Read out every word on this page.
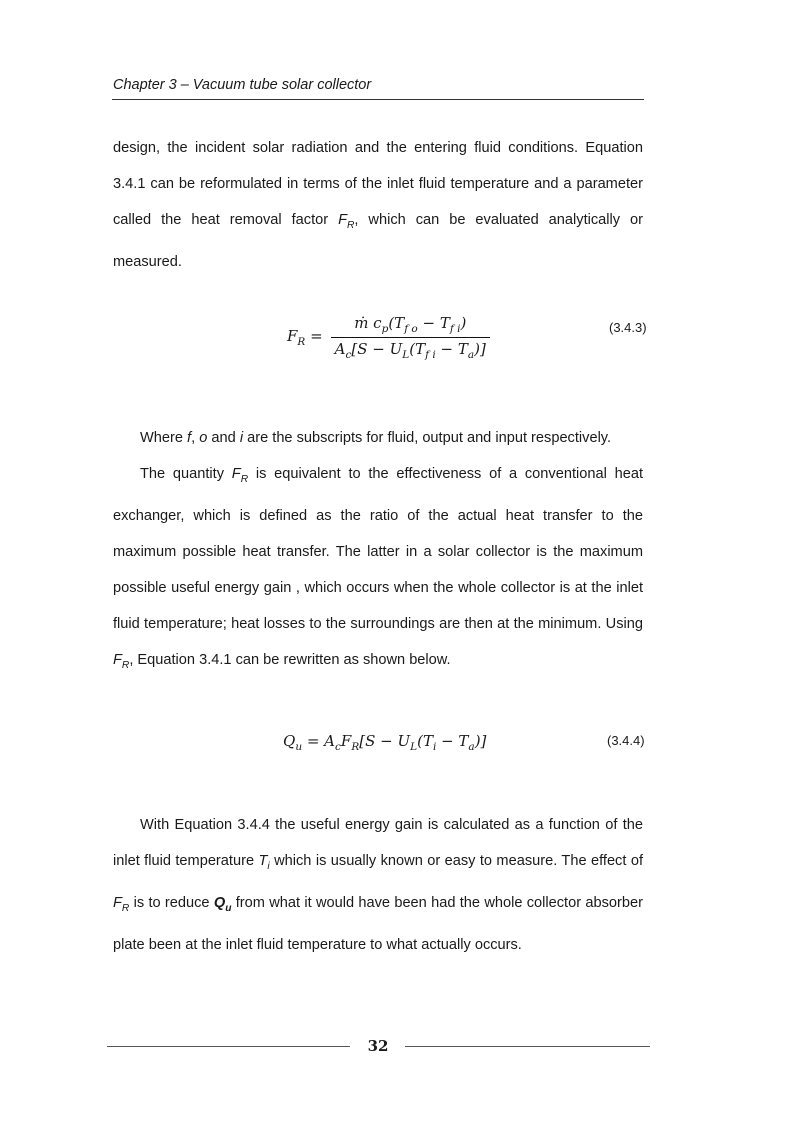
Chapter 3 – Vacuum tube solar collector
design, the incident solar radiation and the entering fluid conditions. Equation 3.4.1 can be reformulated in terms of the inlet fluid temperature and a parameter called the heat removal factor $F_R$, which can be evaluated analytically or measured.
$F_R = \frac{ṁ c_p(T_{f o} - T_{f i})}{A_c[S - U_L(T_{f i} - T_a)]}$	(3.4.3)
Where f, o and i are the subscripts for fluid, output and input respectively.
The quantity $F_R$ is equivalent to the effectiveness of a conventional heat exchanger, which is defined as the ratio of the actual heat transfer to the maximum possible heat transfer. The latter in a solar collector is the maximum possible useful energy gain , which occurs when the whole collector is at the inlet fluid temperature; heat losses to the surroundings are then at the minimum. Using $F_R$, Equation 3.4.1 can be rewritten as shown below.
$Q_u = A_cF_R[S - U_L(T_i - T_a)]$	(3.4.4)
With Equation 3.4.4 the useful energy gain is calculated as a function of the inlet fluid temperature $T_i$ which is usually known or easy to measure. The effect of $F_R$ is to reduce $Q_u$ from what it would have been had the whole collector absorber plate been at the inlet fluid temperature to what actually occurs.
32
